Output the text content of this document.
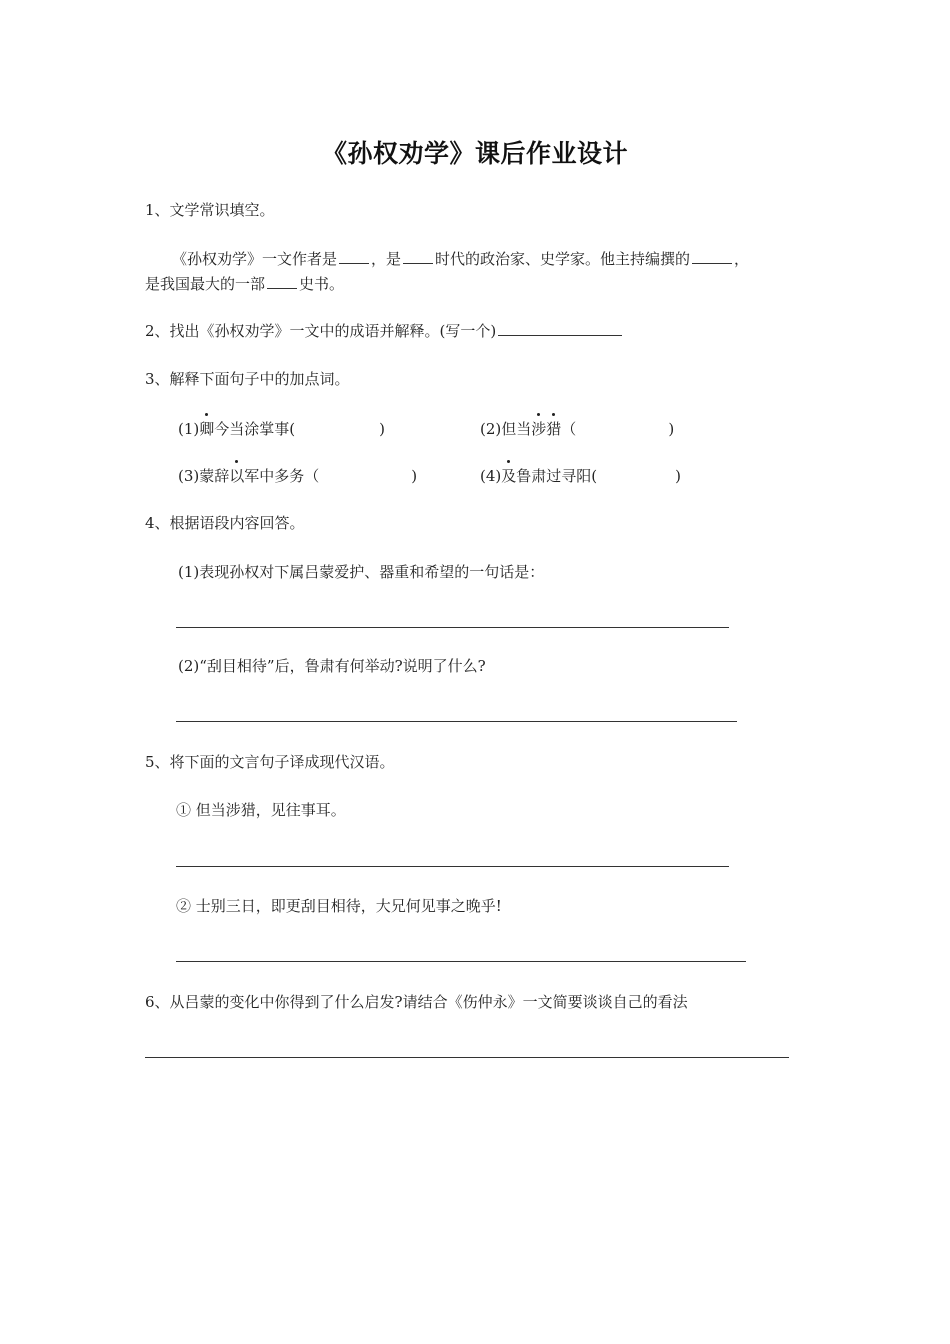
《孙权劝学》课后作业设计
1、文学常识填空。
《孙权劝学》一文作者是 ，是 时代的政治家、史学家。他主持编撰的	，
是我国最大的一部 史书。
2、找出《孙权劝学》一文中的成语并解释。(写一个)
3、解释下面句子中的加点词。
(1)卿今当涂掌事(	)	(2)但当涉猎（	)
(3)蒙辞以军中多务（	)	(4)及鲁肃过寻阳(	)
4、根据语段内容回答。
(1)表现孙权对下属吕蒙爱护、器重和希望的一句话是：
(2)“刮目相待”后，鲁肃有何举动?说明了什么?
5、将下面的文言句子译成现代汉语。
① 但当涉猎，见往事耳。
② 士别三日，即更刮目相待，大兄何见事之晚乎!
6、从吕蒙的变化中你得到了什么启发?请结合《伤仲永》一文简要谈谈自己的看法
